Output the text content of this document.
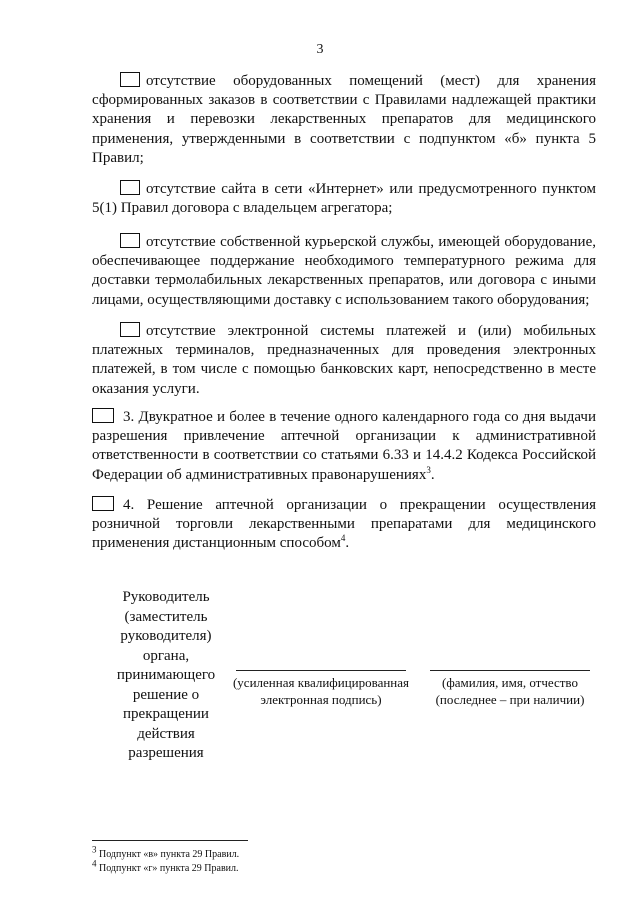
3
отсутствие оборудованных помещений (мест) для хранения сформированных заказов в соответствии с Правилами надлежащей практики хранения и перевозки лекарственных препаратов для медицинского применения, утвержденными в соответствии с подпунктом «б» пункта 5 Правил;
отсутствие сайта в сети «Интернет» или предусмотренного пунктом 5(1) Правил договора с владельцем агрегатора;
отсутствие собственной курьерской службы, имеющей оборудование, обеспечивающее поддержание необходимого температурного режима для доставки термолабильных лекарственных препаратов, или договора с иными лицами, осуществляющими доставку с использованием такого оборудования;
отсутствие электронной системы платежей и (или) мобильных платежных терминалов, предназначенных для проведения электронных платежей, в том числе с помощью банковских карт, непосредственно в месте оказания услуги.
3. Двукратное и более в течение одного календарного года со дня выдачи разрешения привлечение аптечной организации к административной ответственности в соответствии со статьями 6.33 и 14.4.2 Кодекса Российской Федерации об административных правонарушениях$^3$.
4. Решение аптечной организации о прекращении осуществления розничной торговли лекарственными препаратами для медицинского применения дистанционным способом$^4$.
Руководитель (заместитель руководителя) органа, принимающего решение о прекращении действия разрешения
(усиленная квалифицированная
электронная подпись)
(фамилия, имя, отчество
(последнее – при наличии)
$^3$ Подпункт «в» пункта 29 Правил.
$^4$ Подпункт «г» пункта 29 Правил.
